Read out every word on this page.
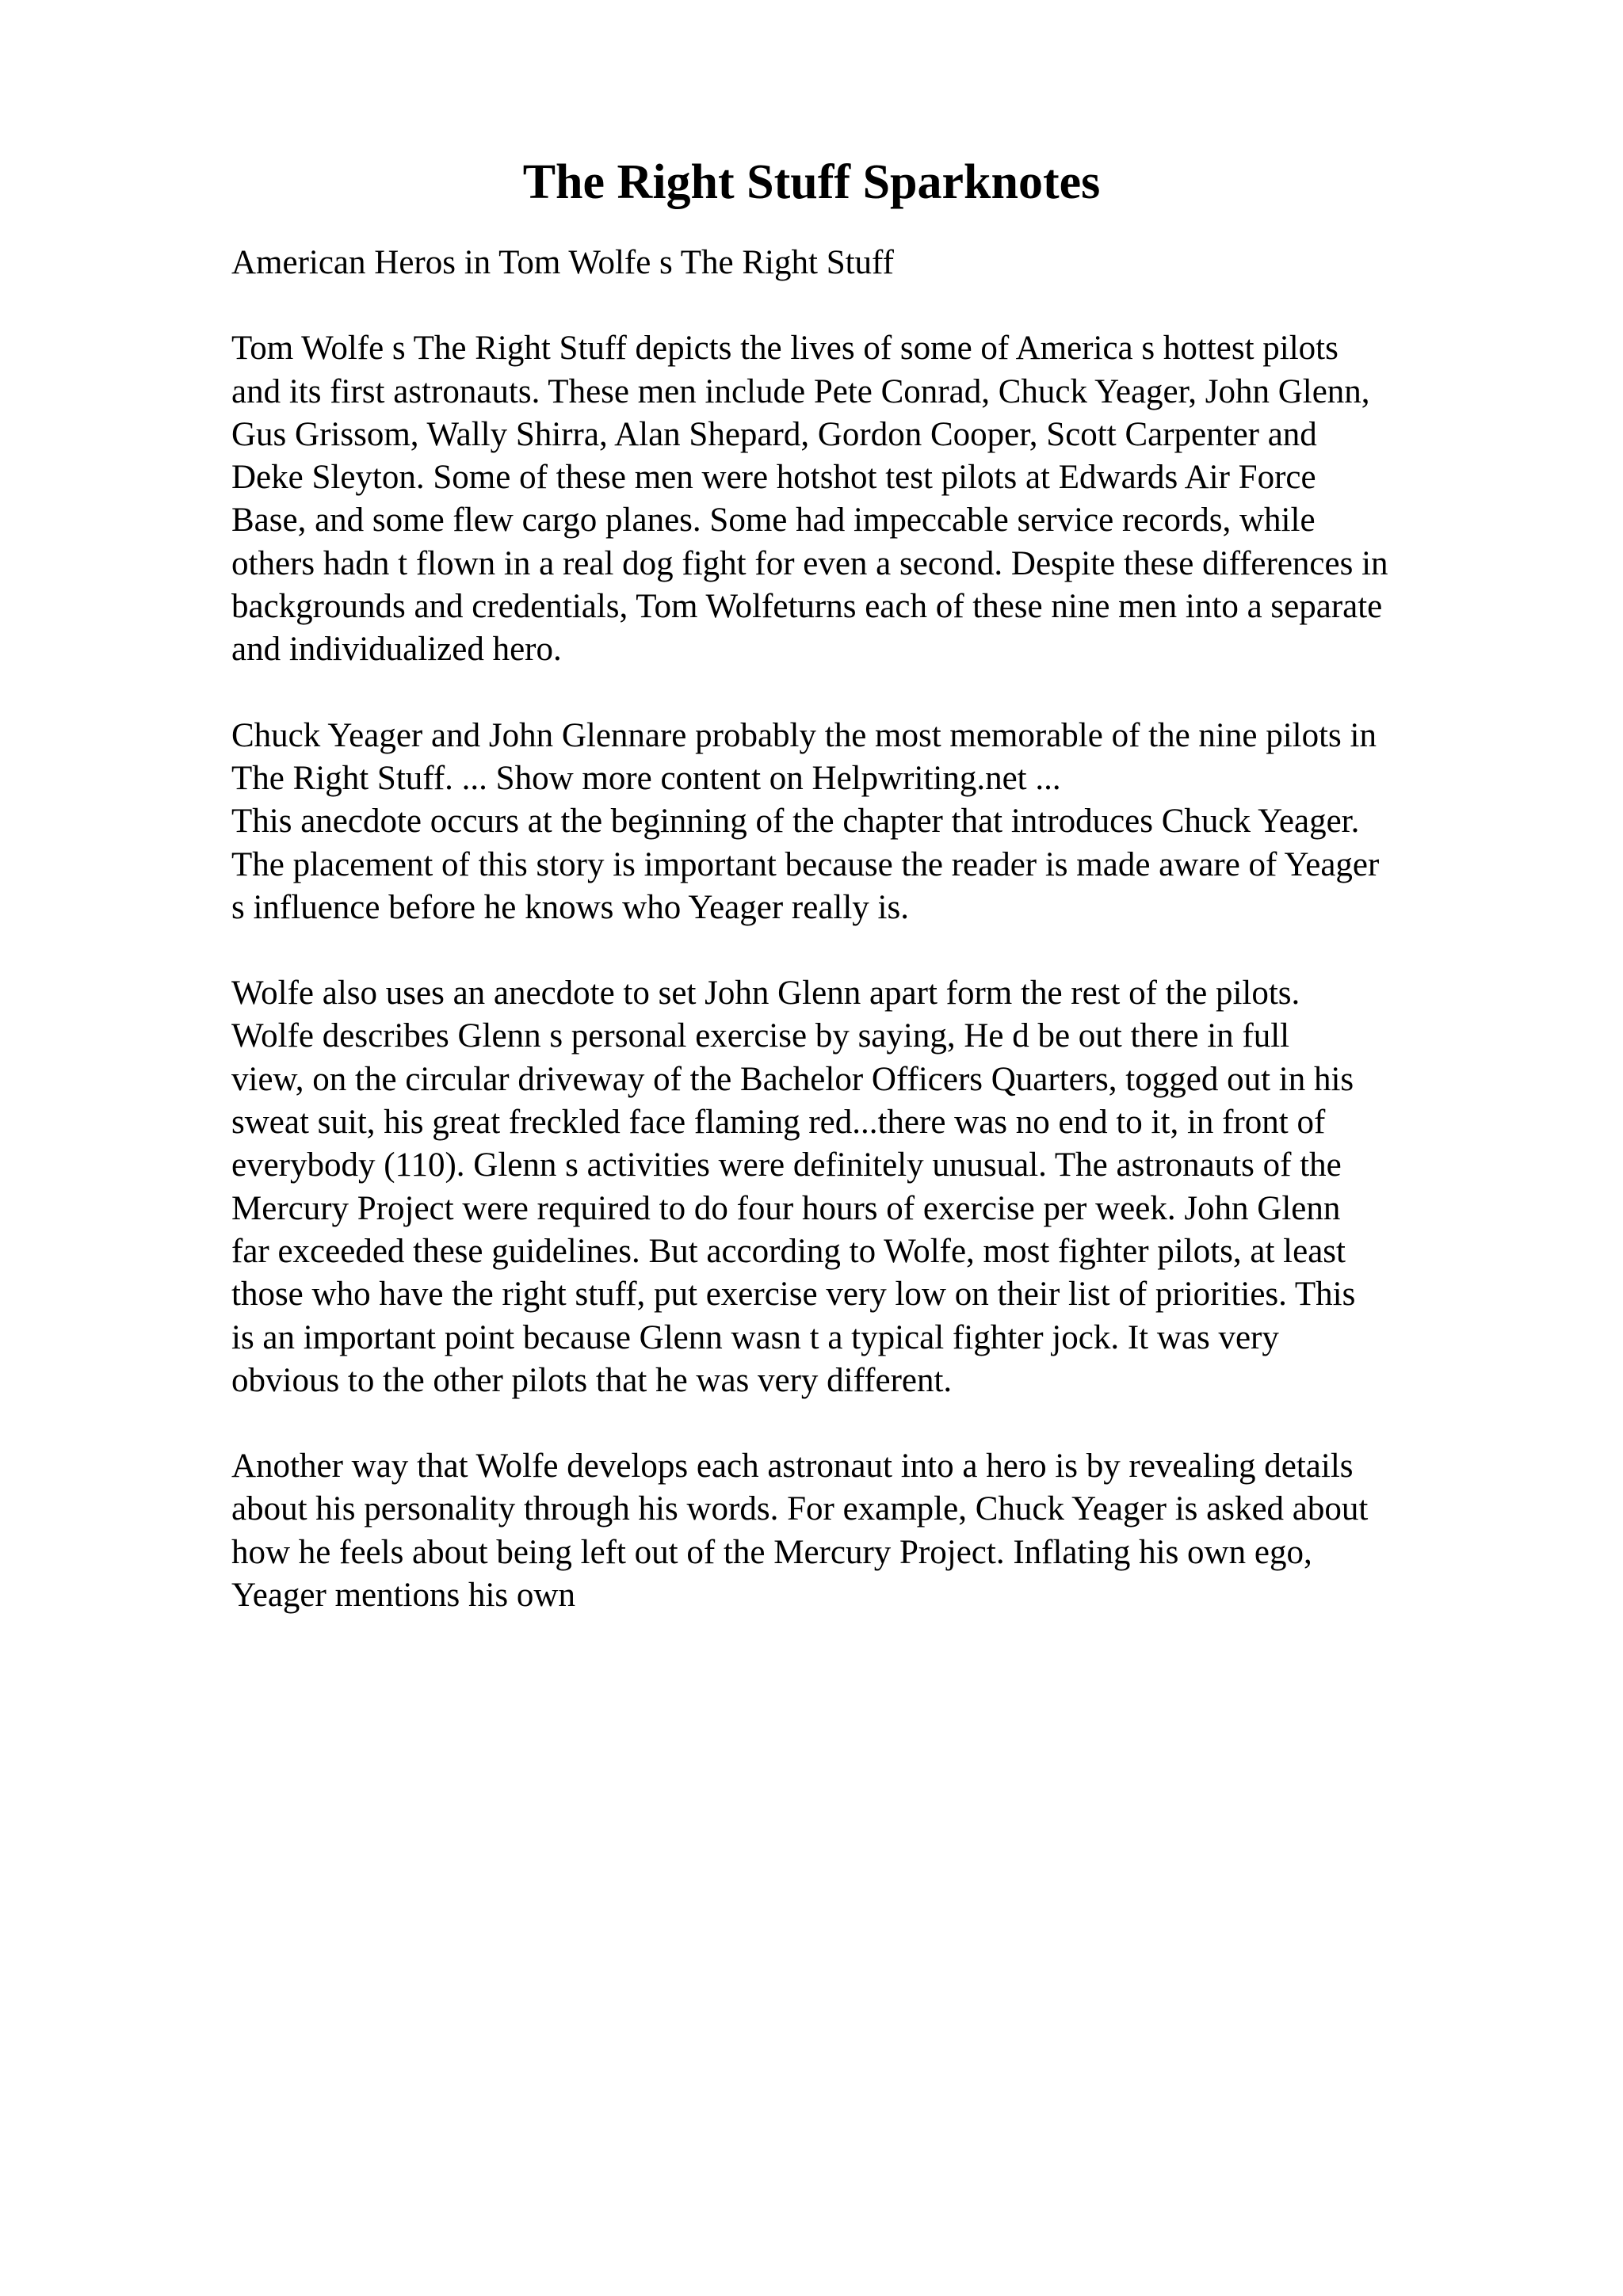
The Right Stuff Sparknotes

American Heros in Tom Wolfe s The Right Stuff

Tom Wolfe s The Right Stuff depicts the lives of some of America s hottest pilots
and its first astronauts. These men include Pete Conrad, Chuck Yeager, John Glenn,
Gus Grissom, Wally Shirra, Alan Shepard, Gordon Cooper, Scott Carpenter and
Deke Sleyton. Some of these men were hotshot test pilots at Edwards Air Force
Base, and some flew cargo planes. Some had impeccable service records, while
others hadn t flown in a real dog fight for even a second. Despite these differences in
backgrounds and credentials, Tom Wolfeturns each of these nine men into a separate
and individualized hero.

Chuck Yeager and John Glennare probably the most memorable of the nine pilots in
The Right Stuff. ... Show more content on Helpwriting.net ...

This anecdote occurs at the beginning of the chapter that introduces Chuck Yeager.
The placement of this story is important because the reader is made aware of Yeager
s influence before he knows who Yeager really is.

Wolfe also uses an anecdote to set John Glenn apart form the rest of the pilots.
Wolfe describes Glenn s personal exercise by saying, He d be out there in full
view, on the circular driveway of the Bachelor Officers Quarters, togged out in his
sweat suit, his great freckled face flaming red...there was no end to it, in front of
everybody (110). Glenn s activities were definitely unusual. The astronauts of the
Mercury Project were required to do four hours of exercise per week. John Glenn
far exceeded these guidelines. But according to Wolfe, most fighter pilots, at least
those who have the right stuff, put exercise very low on their list of priorities. This
is an important point because Glenn wasn t a typical fighter jock. It was very
obvious to the other pilots that he was very different.

Another way that Wolfe develops each astronaut into a hero is by revealing details
about his personality through his words. For example, Chuck Yeager is asked about
how he feels about being left out of the Mercury Project. Inflating his own ego,
Yeager mentions his own
